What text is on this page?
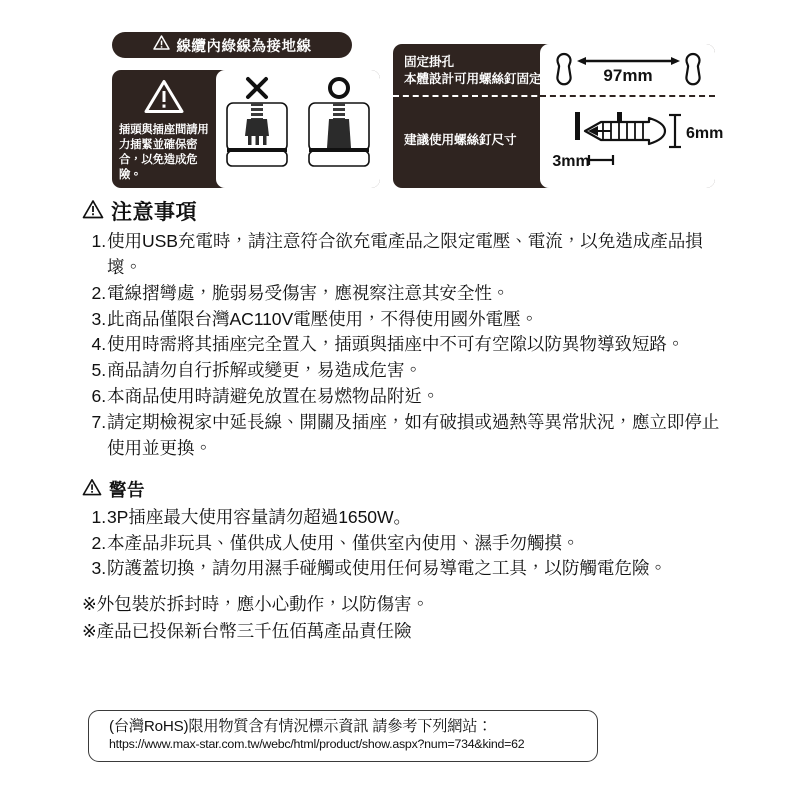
線纜內綠線為接地線
插頭與插座間請用力插緊並確保密合，以免造成危險。
固定掛孔
本體設計可用螺絲釘固定
建議使用螺絲釘尺寸
97mm
6mm
3mm
注意事項
1. 使用USB充電時，請注意符合欲充電產品之限定電壓、電流，以免造成產品損壞。
2. 電線摺彎處，脆弱易受傷害，應視察注意其安全性。
3. 此商品僅限台灣AC110V電壓使用，不得使用國外電壓。
4. 使用時需將其插座完全置入，插頭與插座中不可有空隙以防異物導致短路。
5. 商品請勿自行拆解或變更，易造成危害。
6. 本商品使用時請避免放置在易燃物品附近。
7. 請定期檢視家中延長線、開關及插座，如有破損或過熱等異常狀況，應立即停止使用並更換。
警告
1. 3P插座最大使用容量請勿超過1650W。
2. 本產品非玩具、僅供成人使用、僅供室內使用、濕手勿觸摸。
3. 防護蓋切換，請勿用濕手碰觸或使用任何易導電之工具，以防觸電危險。
※外包裝於拆封時，應小心動作，以防傷害。
※產品已投保新台幣三千伍佰萬產品責任險
(台灣RoHS)限用物質含有情況標示資訊 請參考下列網站：
https://www.max-star.com.tw/webc/html/product/show.aspx?num=734&kind=62
